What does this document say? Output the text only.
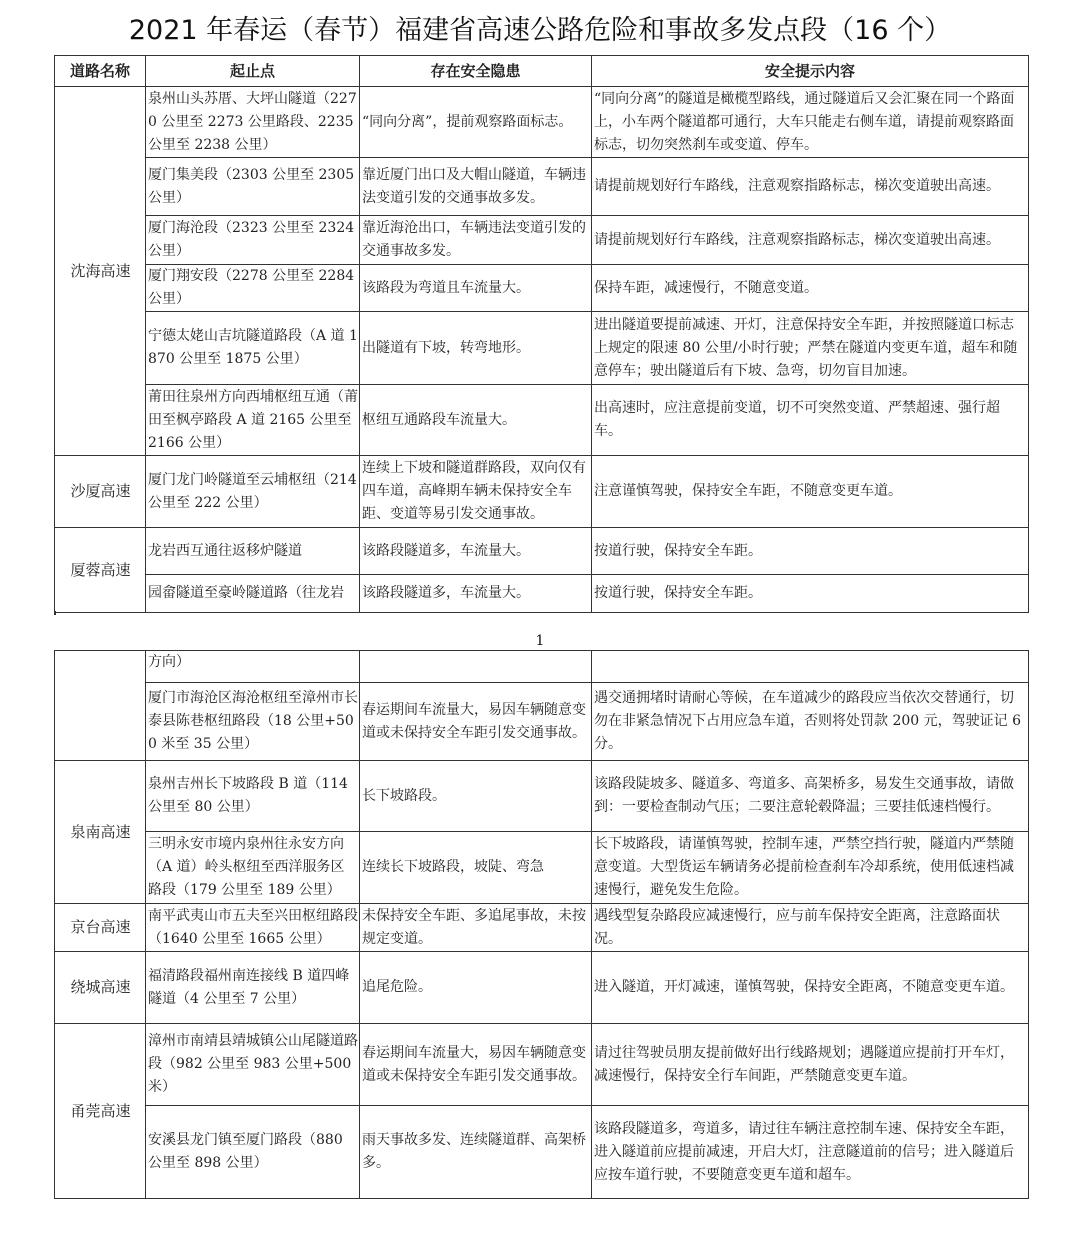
2021 年春运（春节）福建省高速公路危险和事故多发点段（16 个）
道路名称	起止点	存在安全隐患	安全提示内容
沈海高速	泉州山头苏厝、大坪山隧道（2270 公里至 2273 公里路段、2235 公里至 2238 公里）	“同向分离”，提前观察路面标志。	“同向分离”的隧道是橄榄型路线，通过隧道后又会汇聚在同一个路面上，小车两个隧道都可通行，大车只能走右侧车道，请提前观察路面标志，切勿突然刹车或变道、停车。
	厦门集美段（2303 公里至 2305 公里）	靠近厦门出口及大帽山隧道，车辆违法变道引发的交通事故多发。	请提前规划好行车路线，注意观察指路标志，梯次变道驶出高速。
	厦门海沧段（2323 公里至 2324 公里）	靠近海沧出口，车辆违法变道引发的交通事故多发。	请提前规划好行车路线，注意观察指路标志，梯次变道驶出高速。
	厦门翔安段（2278 公里至 2284 公里）	该路段为弯道且车流量大。	保持车距，减速慢行，不随意变道。
	宁德太姥山吉坑隧道路段（A 道 1870 公里至 1875 公里）	出隧道有下坡，转弯地形。	进出隧道要提前减速、开灯，注意保持安全车距，并按照隧道口标志上规定的限速 80 公里/小时行驶；严禁在隧道内变更车道，超车和随意停车；驶出隧道后有下坡、急弯，切勿盲目加速。
	莆田往泉州方向西埔枢纽互通（莆田至枫亭路段 A 道 2165 公里至 2166 公里）	枢纽互通路段车流量大。	出高速时，应注意提前变道，切不可突然变道、严禁超速、强行超车。
沙厦高速	厦门龙门岭隧道至云埔枢纽（214 公里至 222 公里）	连续上下坡和隧道群路段，双向仅有四车道，高峰期车辆未保持安全车距、变道等易引发交通事故。	注意谨慎驾驶，保持安全车距，不随意变更车道。
厦蓉高速	龙岩西互通往返移炉隧道	该路段隧道多，车流量大。	按道行驶，保持安全车距。
	园畲隧道至豪岭隧道路（往龙岩	该路段隧道多，车流量大。	按道行驶，保持安全车距。
1
	方向）		
	厦门市海沧区海沧枢纽至漳州市长泰县陈巷枢纽路段（18 公里+500 米至 35 公里）	春运期间车流量大，易因车辆随意变道或未保持安全车距引发交通事故。	遇交通拥堵时请耐心等候，在车道减少的路段应当依次交替通行，切勿在非紧急情况下占用应急车道，否则将处罚款 200 元，驾驶证记 6 分。
泉南高速	泉州吉州长下坡路段 B 道（114 公里至 80 公里）	长下坡路段。	该路段陡坡多、隧道多、弯道多、高架桥多，易发生交通事故，请做到：一要检查制动气压；二要注意轮毂降温；三要挂低速档慢行。
	三明永安市境内泉州往永安方向（A 道）岭头枢纽至西洋服务区路段（179 公里至 189 公里）	连续长下坡路段，坡陡、弯急	长下坡路段，请谨慎驾驶，控制车速，严禁空挡行驶，隧道内严禁随意变道。大型货运车辆请务必提前检查刹车冷却系统，使用低速档减速慢行，避免发生危险。
京台高速	南平武夷山市五夫至兴田枢纽路段（1640 公里至 1665 公里）	未保持安全车距、多追尾事故，未按规定变道。	遇线型复杂路段应减速慢行，应与前车保持安全距离，注意路面状况。
绕城高速	福清路段福州南连接线 B 道四峰隧道（4 公里至 7 公里）	追尾危险。	进入隧道，开灯减速，谨慎驾驶，保持安全距离，不随意变更车道。
甬莞高速	漳州市南靖县靖城镇公山尾隧道路段（982 公里至 983 公里+500 米）	春运期间车流量大，易因车辆随意变道或未保持安全车距引发交通事故。	请过往驾驶员朋友提前做好出行线路规划；遇隧道应提前打开车灯，减速慢行，保持安全行车间距，严禁随意变更车道。
	安溪县龙门镇至厦门路段（880 公里至 898 公里）	雨天事故多发、连续隧道群、高架桥多。	该路段隧道多，弯道多，请过往车辆注意控制车速、保持安全车距，进入隧道前应提前减速，开启大灯，注意隧道前的信号；进入隧道后应按车道行驶，不要随意变更车道和超车。
